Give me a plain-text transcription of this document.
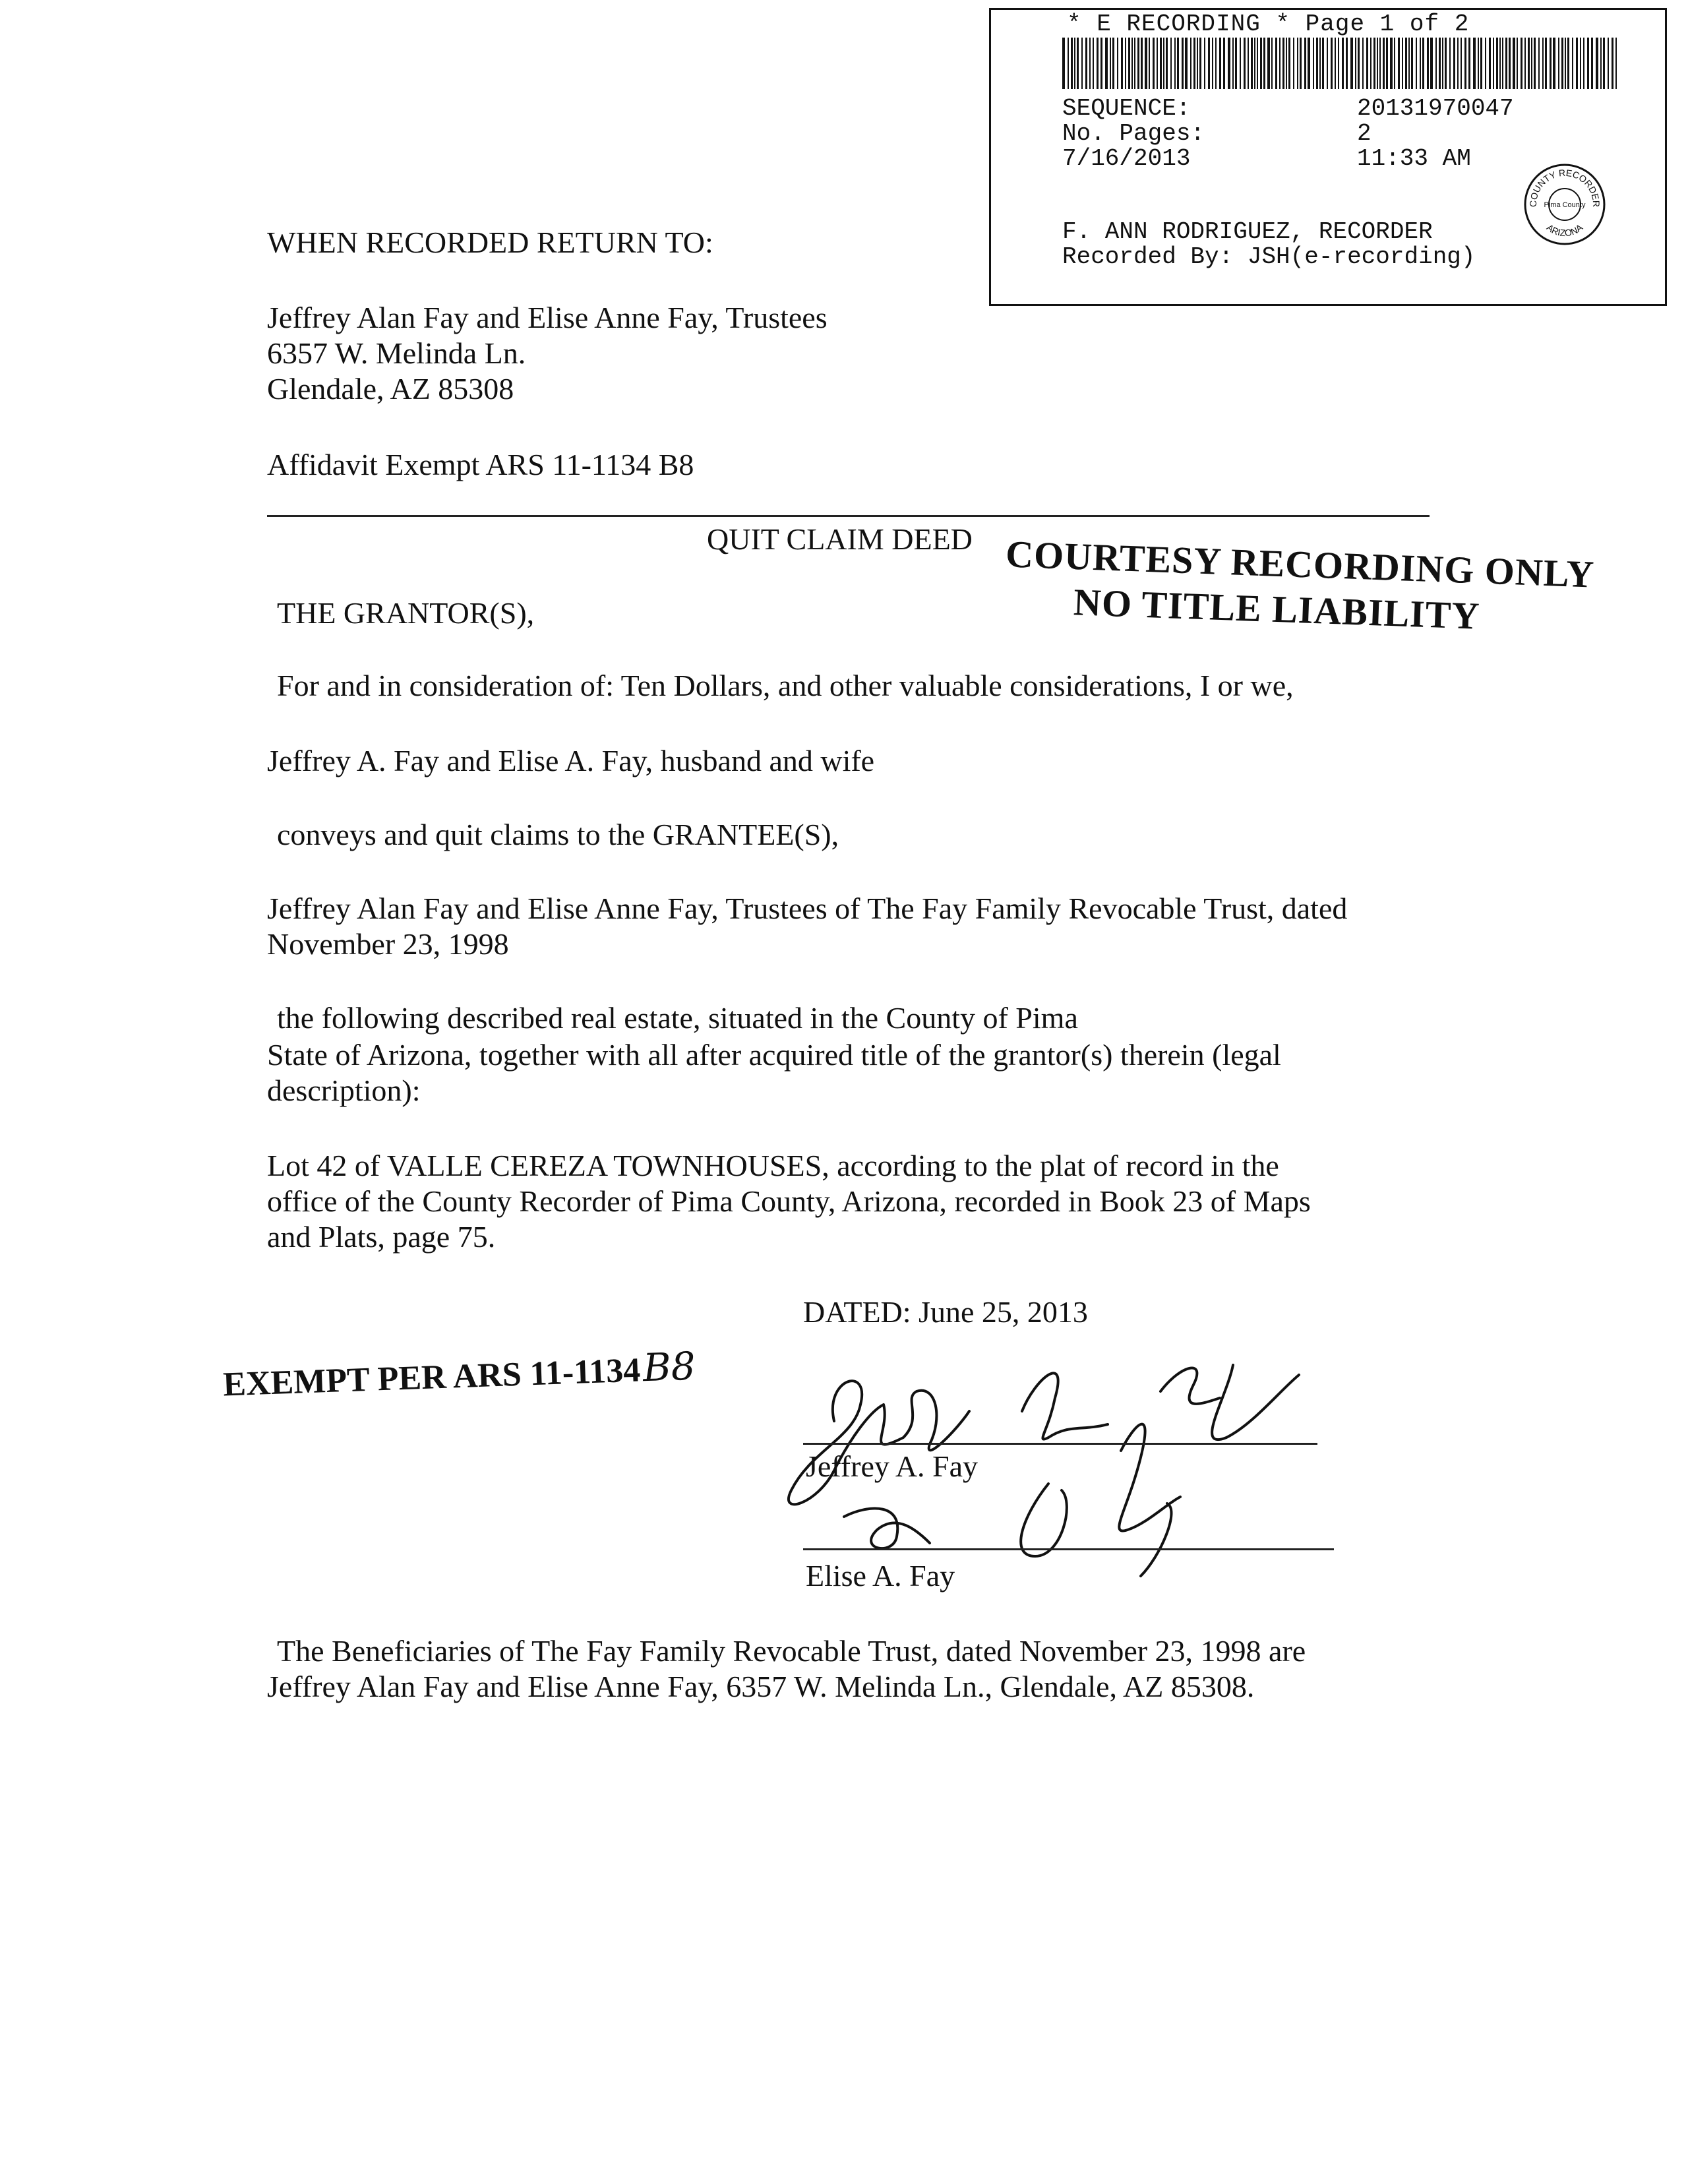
* E RECORDING * Page 1 of 2
SEQUENCE:	20131970047
No. Pages:	2
7/16/2013	11:33 AM
F. ANN RODRIGUEZ, RECORDER
Recorded By: JSH(e-recording)
COUNTY RECORDER
ARIZONA
Pima County
WHEN RECORDED RETURN TO:
Jeffrey Alan Fay and Elise Anne Fay, Trustees
6357 W. Melinda Ln.
Glendale, AZ 85308
Affidavit Exempt ARS 11-1134 B8
QUIT CLAIM DEED COURTESY RECORDING ONLY
NO TITLE LIABILITY
THE GRANTOR(S),
For and in consideration of: Ten Dollars, and other valuable considerations, I or we,
Jeffrey A. Fay and Elise A. Fay, husband and wife
conveys and quit claims to the GRANTEE(S),
Jeffrey Alan Fay and Elise Anne Fay, Trustees of The Fay Family Revocable Trust, dated
November 23, 1998
the following described real estate, situated in the County of Pima
State of Arizona, together with all after acquired title of the grantor(s) therein (legal
description):
Lot 42 of VALLE CEREZA TOWNHOUSES, according to the plat of record in the
office of the County Recorder of Pima County, Arizona, recorded in Book 23 of Maps
and Plats, page 75.
DATED: June 25, 2013
EXEMPT PER ARS 11-1134B8
Jeffrey A. Fay
Elise A. Fay
The Beneficiaries of The Fay Family Revocable Trust, dated November 23, 1998 are
Jeffrey Alan Fay and Elise Anne Fay, 6357 W. Melinda Ln., Glendale, AZ 85308.
